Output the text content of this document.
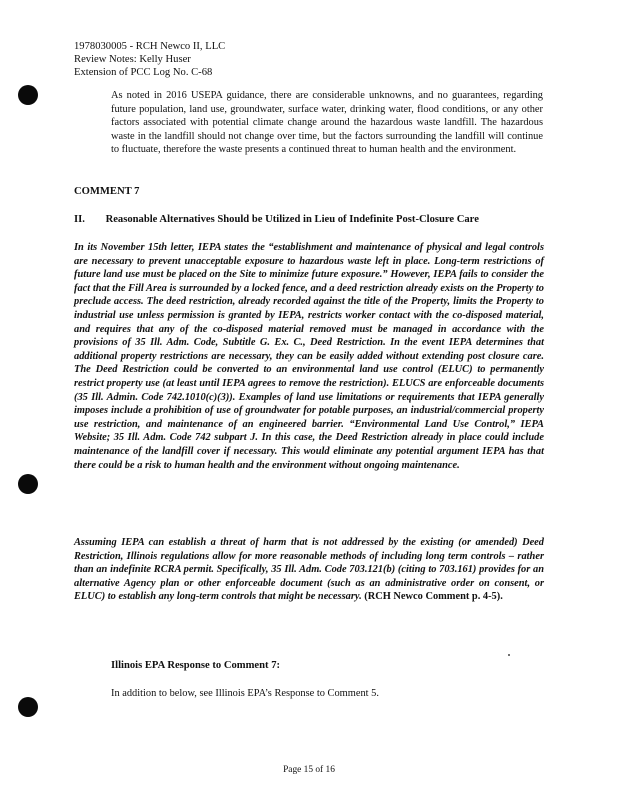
1978030005 - RCH Newco II, LLC
Review Notes: Kelly Huser
Extension of PCC Log No. C-68
As noted in 2016 USEPA guidance, there are considerable unknowns, and no guarantees, regarding future population, land use, groundwater, surface water, drinking water, flood conditions, or any other factors associated with potential climate change around the hazardous waste landfill. The hazardous waste in the landfill should not change over time, but the factors surrounding the landfill will continue to fluctuate, therefore the waste presents a continued threat to human health and the environment.
COMMENT 7
II. Reasonable Alternatives Should be Utilized in Lieu of Indefinite Post-Closure Care
In its November 15th letter, IEPA states the “establishment and maintenance of physical and legal controls are necessary to prevent unacceptable exposure to hazardous waste left in place. Long-term restrictions of future land use must be placed on the Site to minimize future exposure.” However, IEPA fails to consider the fact that the Fill Area is surrounded by a locked fence, and a deed restriction already exists on the Property to preclude access. The deed restriction, already recorded against the title of the Property, limits the Property to industrial use unless permission is granted by IEPA, restricts worker contact with the co-disposed material, and requires that any of the co-disposed material removed must be managed in accordance with the provisions of 35 Ill. Adm. Code, Subtitle G. Ex. C., Deed Restriction. In the event IEPA determines that additional property restrictions are necessary, they can be easily added without extending post closure care. The Deed Restriction could be converted to an environmental land use control (ELUC) to permanently restrict property use (at least until IEPA agrees to remove the restriction). ELUCS are enforceable documents (35 Ill. Admin. Code 742.1010(c)(3)). Examples of land use limitations or requirements that IEPA generally imposes include a prohibition of use of groundwater for potable purposes, an industrial/commercial property use restriction, and maintenance of an engineered barrier. “Environmental Land Use Control,” IEPA Website; 35 Ill. Adm. Code 742 subpart J. In this case, the Deed Restriction already in place could include maintenance of the landfill cover if necessary. This would eliminate any potential argument IEPA has that there could be a risk to human health and the environment without ongoing maintenance.
Assuming IEPA can establish a threat of harm that is not addressed by the existing (or amended) Deed Restriction, Illinois regulations allow for more reasonable methods of including long term controls – rather than an indefinite RCRA permit. Specifically, 35 Ill. Adm. Code 703.121(b) (citing to 703.161) provides for an alternative Agency plan or other enforceable document (such as an administrative order on consent, or ELUC) to establish any long-term controls that might be necessary. (RCH Newco Comment p. 4-5).
Illinois EPA Response to Comment 7:
In addition to below, see Illinois EPA’s Response to Comment 5.
Page 15 of 16
